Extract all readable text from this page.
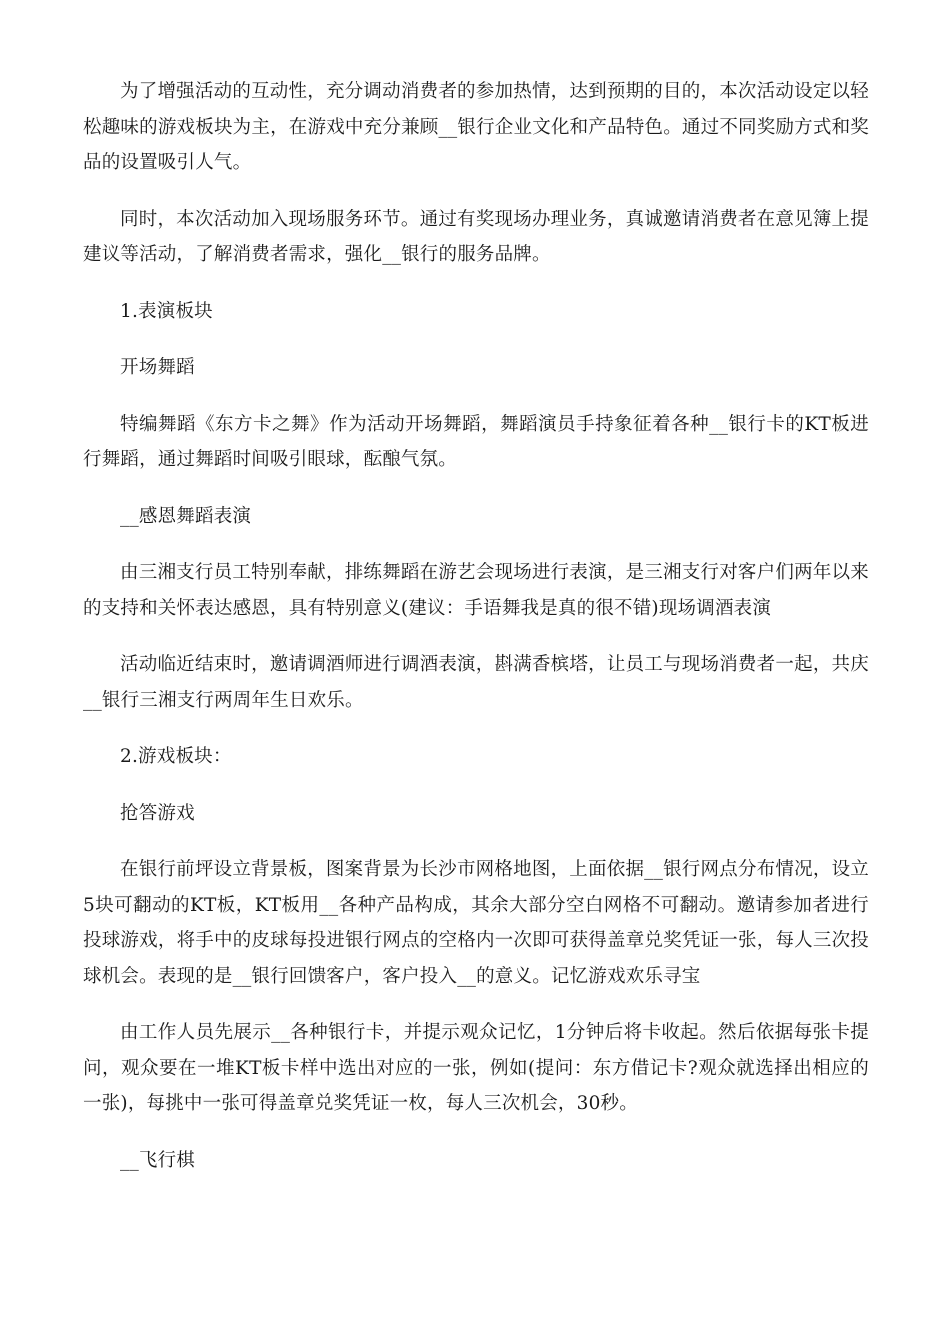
为了增强活动的互动性，充分调动消费者的参加热情，达到预期的目的，本次活动设定以轻松趣味的游戏板块为主，在游戏中充分兼顾__银行企业文化和产品特色。通过不同奖励方式和奖品的设置吸引人气。

同时，本次活动加入现场服务环节。通过有奖现场办理业务，真诚邀请消费者在意见簿上提建议等活动，了解消费者需求，强化__银行的服务品牌。

1.表演板块

开场舞蹈

特编舞蹈《东方卡之舞》作为活动开场舞蹈，舞蹈演员手持象征着各种__银行卡的KT板进行舞蹈，通过舞蹈时间吸引眼球，酝酿气氛。

__感恩舞蹈表演

由三湘支行员工特别奉献，排练舞蹈在游艺会现场进行表演，是三湘支行对客户们两年以来的支持和关怀表达感恩，具有特别意义(建议：手语舞我是真的很不错)现场调酒表演

活动临近结束时，邀请调酒师进行调酒表演，斟满香槟塔，让员工与现场消费者一起，共庆__银行三湘支行两周年生日欢乐。

2.游戏板块：

抢答游戏

在银行前坪设立背景板，图案背景为长沙市网格地图，上面依据__银行网点分布情况，设立5块可翻动的KT板，KT板用__各种产品构成，其余大部分空白网格不可翻动。邀请参加者进行投球游戏，将手中的皮球每投进银行网点的空格内一次即可获得盖章兑奖凭证一张，每人三次投球机会。表现的是__银行回馈客户，客户投入__的意义。记忆游戏欢乐寻宝

由工作人员先展示__各种银行卡，并提示观众记忆，1分钟后将卡收起。然后依据每张卡提问，观众要在一堆KT板卡样中选出对应的一张，例如(提问：东方借记卡?观众就选择出相应的一张)，每挑中一张可得盖章兑奖凭证一枚，每人三次机会，30秒。

__飞行棋
